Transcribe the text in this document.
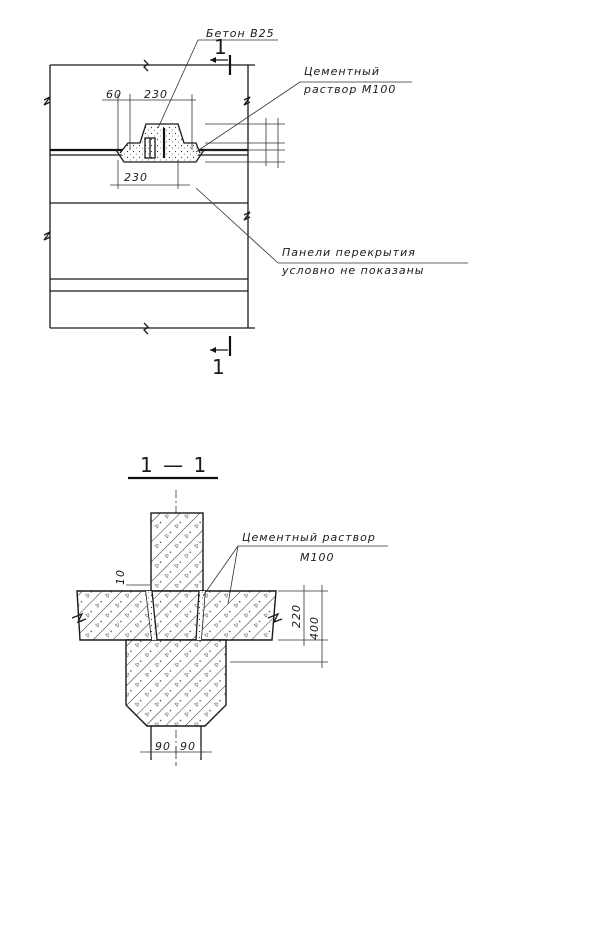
60 230
230
Бетон В25
Цементный
раствор М100
Панели перекрытия
условно не показаны
1
1
1 — 1
90 90
220 400
10
Цементный раствор
М100
